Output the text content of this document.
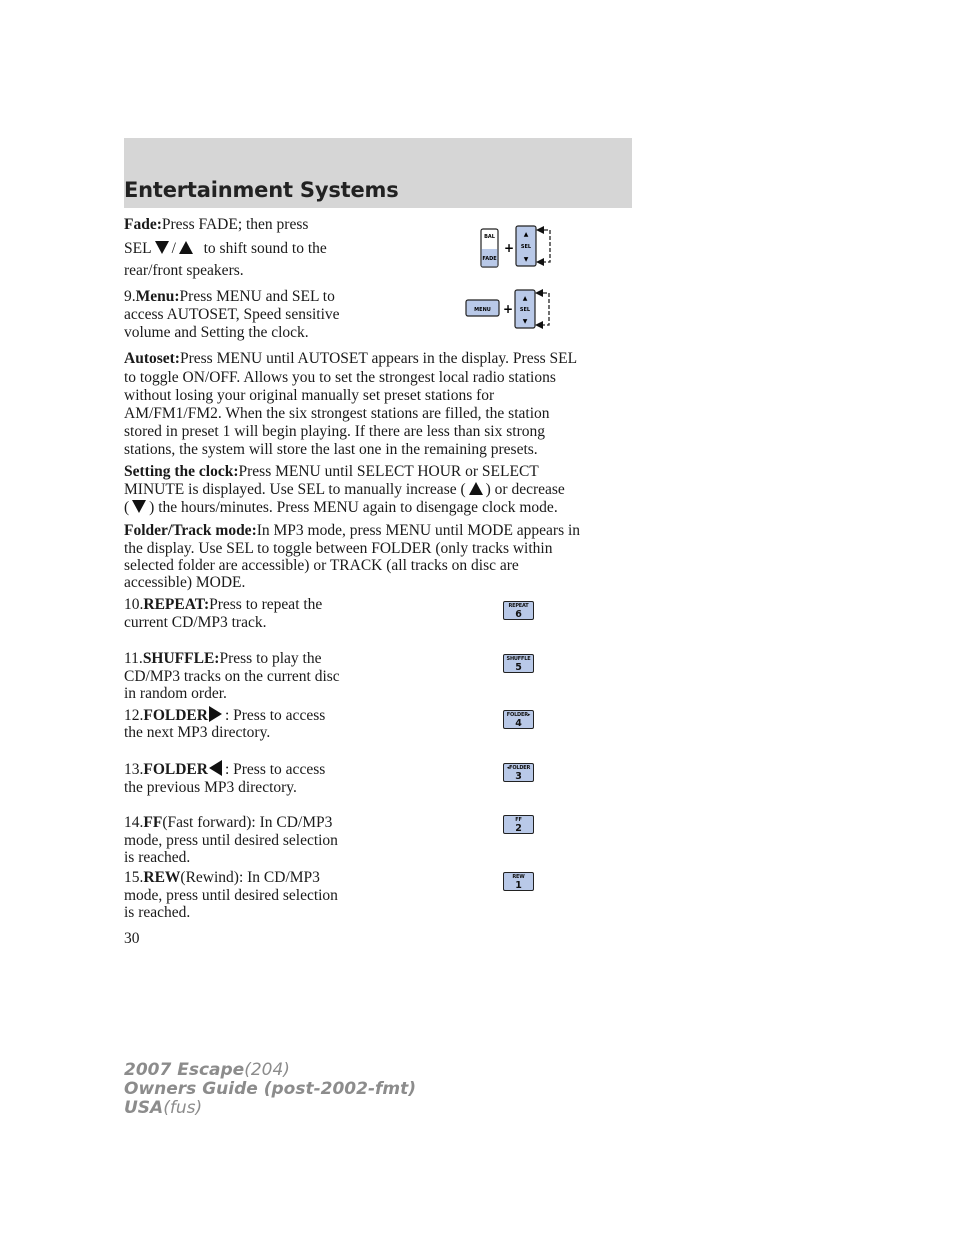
Entertainment Systems
Fade:Press FADE; then press
SEL / to shift sound to the
rear/front speakers.
BAL
FADE
+
▲
SEL
▼
9.Menu:Press MENU and SEL to
access AUTOSET, Speed sensitive
volume and Setting the clock.
MENU +
▲
SEL
▼
Autoset:Press MENU until AUTOSET appears in the display. Press SEL
to toggle ON/OFF. Allows you to set the strongest local radio stations
without losing your original manually set preset stations for
AM/FM1/FM2. When the six strongest stations are filled, the station
stored in preset 1 will begin playing. If there are less than six strong
stations, the system will store the last one in the remaining presets.
Setting the clock:Press MENU until SELECT HOUR or SELECT
MINUTE is displayed. Use SEL to manually increase ( ) or decrease
( ) the hours/minutes. Press MENU again to disengage clock mode.
Folder/Track mode:In MP3 mode, press MENU until MODE appears in
the display. Use SEL to toggle between FOLDER (only tracks within
selected folder are accessible) or TRACK (all tracks on disc are
accessible) MODE.
10.REPEAT:Press to repeat the
current CD/MP3 track.
REPEAT
6
11.SHUFFLE:Press to play the
CD/MP3 tracks on the current disc
in random order.
SHUFFLE
5
12.FOLDER : Press to access
the next MP3 directory.
FOLDER▸
4
13.FOLDER : Press to access
the previous MP3 directory.
◂FOLDER
3
14.FF(Fast forward): In CD/MP3
mode, press until desired selection
is reached.
FF
2
15.REW(Rewind): In CD/MP3
mode, press until desired selection
is reached.
REW
1
30
2007 Escape(204)
Owners Guide (post-2002-fmt)
USA(fus)
